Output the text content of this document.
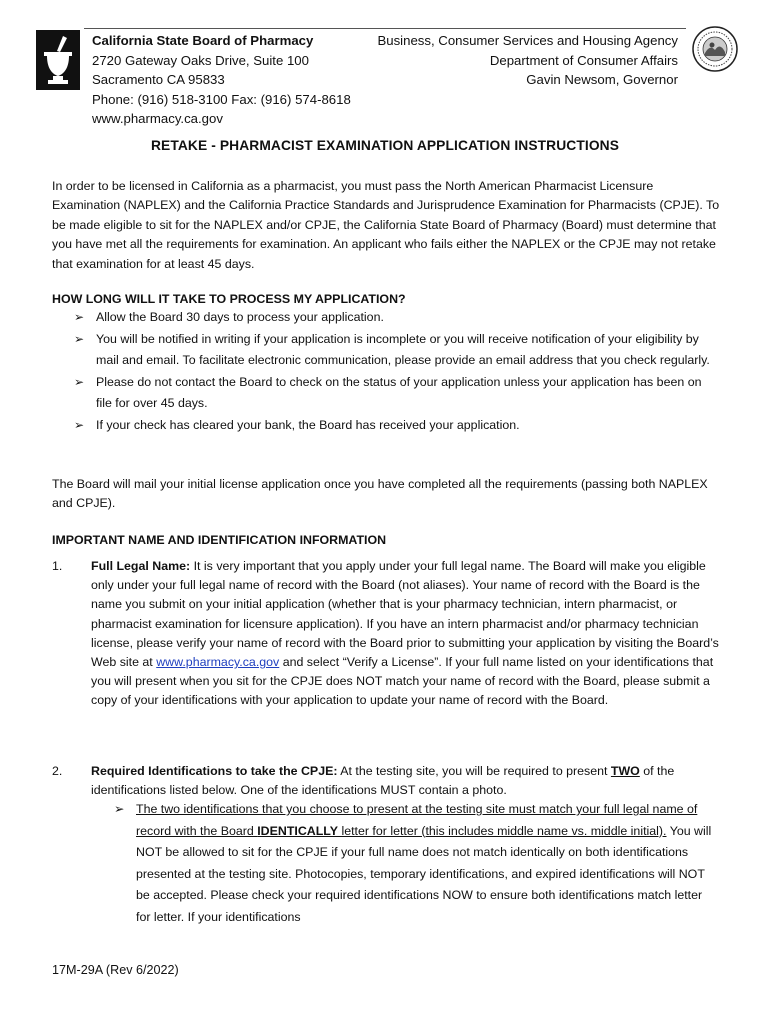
California State Board of Pharmacy
2720 Gateway Oaks Drive, Suite 100
Sacramento CA 95833
Phone: (916) 518-3100 Fax: (916) 574-8618
www.pharmacy.ca.gov
Business, Consumer Services and Housing Agency
Department of Consumer Affairs
Gavin Newsom, Governor
RETAKE - PHARMACIST EXAMINATION APPLICATION INSTRUCTIONS
In order to be licensed in California as a pharmacist, you must pass the North American Pharmacist Licensure Examination (NAPLEX) and the California Practice Standards and Jurisprudence Examination for Pharmacists (CPJE). To be made eligible to sit for the NAPLEX and/or CPJE, the California State Board of Pharmacy (Board) must determine that you have met all the requirements for examination. An applicant who fails either the NAPLEX or the CPJE may not retake that examination for at least 45 days.
HOW LONG WILL IT TAKE TO PROCESS MY APPLICATION?
➢ Allow the Board 30 days to process your application.
➢ You will be notified in writing if your application is incomplete or you will receive notification of your eligibility by mail and email. To facilitate electronic communication, please provide an email address that you check regularly.
➢ Please do not contact the Board to check on the status of your application unless your application has been on file for over 45 days.
➢ If your check has cleared your bank, the Board has received your application.
The Board will mail your initial license application once you have completed all the requirements (passing both NAPLEX and CPJE).
IMPORTANT NAME AND IDENTIFICATION INFORMATION
1. Full Legal Name: It is very important that you apply under your full legal name. The Board will make you eligible only under your full legal name of record with the Board (not aliases). Your name of record with the Board is the name you submit on your initial application (whether that is your pharmacy technician, intern pharmacist, or pharmacist examination for licensure application). If you have an intern pharmacist and/or pharmacy technician license, please verify your name of record with the Board prior to submitting your application by visiting the Board’s Web site at www.pharmacy.ca.gov and select “Verify a License”. If your full name listed on your identifications that you will present when you sit for the CPJE does NOT match your name of record with the Board, please submit a copy of your identifications with your application to update your name of record with the Board.
2. Required Identifications to take the CPJE: At the testing site, you will be required to present TWO of the identifications listed below. One of the identifications MUST contain a photo.
➢ The two identifications that you choose to present at the testing site must match your full legal name of record with the Board IDENTICALLY letter for letter (this includes middle name vs. middle initial). You will NOT be allowed to sit for the CPJE if your full name does not match identically on both identifications presented at the testing site. Photocopies, temporary identifications, and expired identifications will NOT be accepted. Please check your required identifications NOW to ensure both identifications match letter for letter. If your identifications
17M-29A (Rev 6/2022)
